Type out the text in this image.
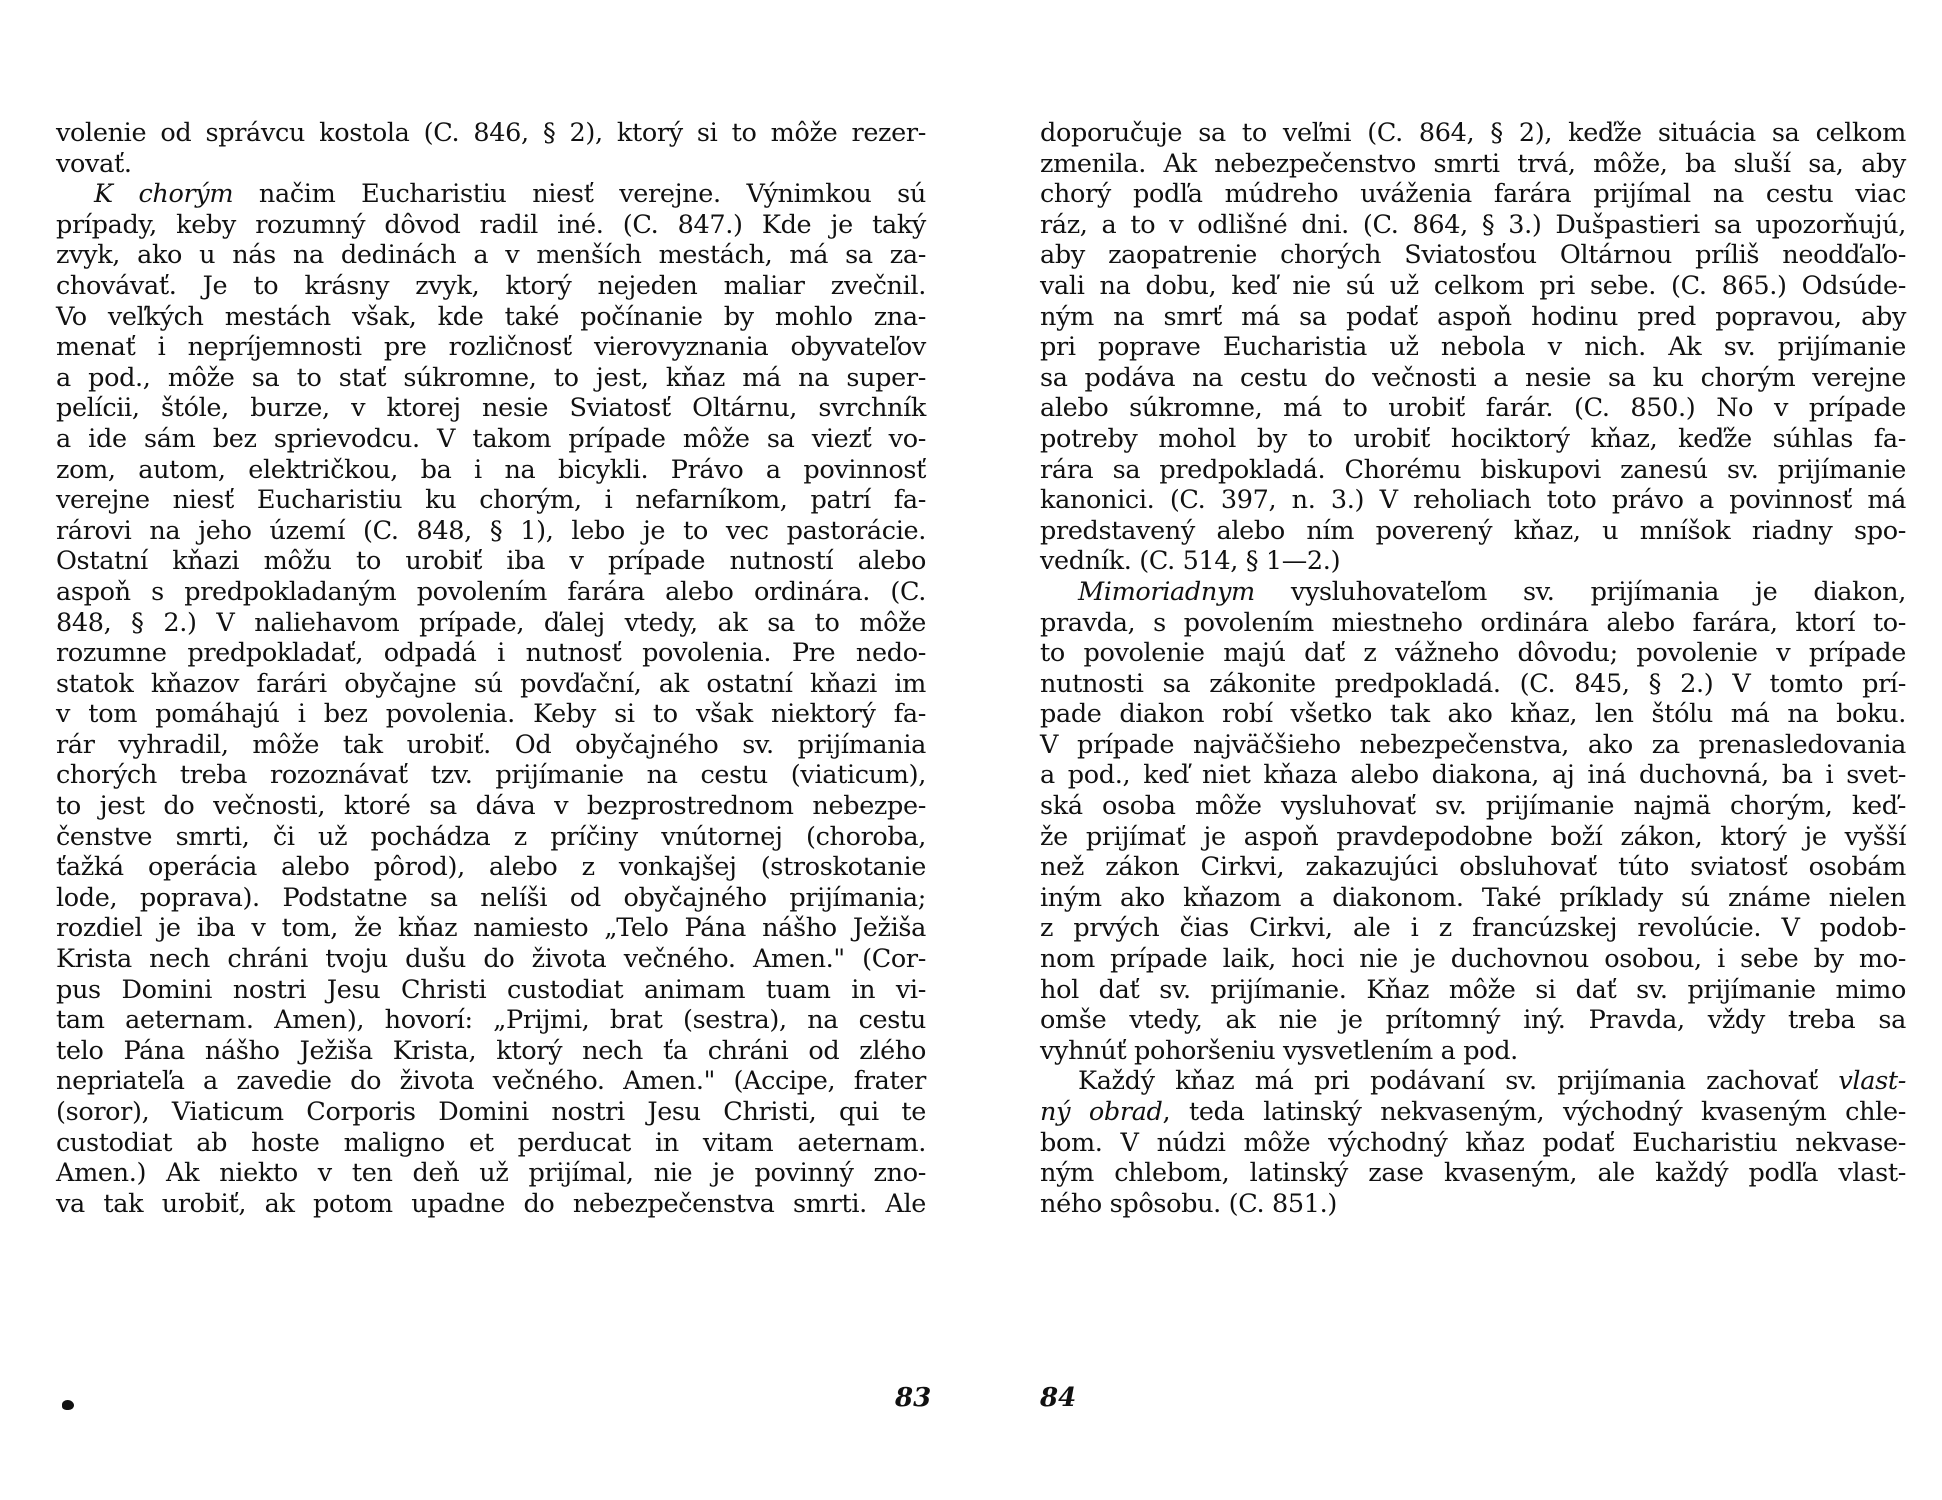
volenie od správcu kostola (C. 846, § 2), ktorý si to môže rezer-
vovať.
K chorým načim Eucharistiu niesť verejne. Výnimkou sú
prípady, keby rozumný dôvod radil iné. (C. 847.) Kde je taký
zvyk, ako u nás na dedinách a v menších mestách, má sa za-
chovávať. Je to krásny zvyk, ktorý nejeden maliar zvečnil.
Vo veľkých mestách však, kde také počínanie by mohlo zna-
menať i nepríjemnosti pre rozličnosť vierovyznania obyvateľov
a pod., môže sa to stať súkromne, to jest, kňaz má na super-
pelícii, štóle, burze, v ktorej nesie Sviatosť Oltárnu, svrchník
a ide sám bez sprievodcu. V takom prípade môže sa viezť vo-
zom, autom, električkou, ba i na bicykli. Právo a povinnosť
verejne niesť Eucharistiu ku chorým, i nefarníkom, patrí fa-
rárovi na jeho území (C. 848, § 1), lebo je to vec pastorácie.
Ostatní kňazi môžu to urobiť iba v prípade nutností alebo
aspoň s predpokladaným povolením farára alebo ordinára. (C.
848, § 2.) V naliehavom prípade, ďalej vtedy, ak sa to môže
rozumne predpokladať, odpadá i nutnosť povolenia. Pre nedo-
statok kňazov farári obyčajne sú povďační, ak ostatní kňazi im
v tom pomáhajú i bez povolenia. Keby si to však niektorý fa-
rár vyhradil, môže tak urobiť. Od obyčajného sv. prijímania
chorých treba rozoznávať tzv. prijímanie na cestu (viaticum),
to jest do večnosti, ktoré sa dáva v bezprostrednom nebezpe-
čenstve smrti, či už pochádza z príčiny vnútornej (choroba,
ťažká operácia alebo pôrod), alebo z vonkajšej (stroskotanie
lode, poprava). Podstatne sa nelíši od obyčajného prijímania;
rozdiel je iba v tom, že kňaz namiesto „Telo Pána nášho Ježiša
Krista nech chráni tvoju dušu do života večného. Amen." (Cor-
pus Domini nostri Jesu Christi custodiat animam tuam in vi-
tam aeternam. Amen), hovorí: „Prijmi, brat (sestra), na cestu
telo Pána nášho Ježiša Krista, ktorý nech ťa chráni od zlého
nepriateľa a zavedie do života večného. Amen." (Accipe, frater
(soror), Viaticum Corporis Domini nostri Jesu Christi, qui te
custodiat ab hoste maligno et perducat in vitam aeternam.
Amen.) Ak niekto v ten deň už prijímal, nie je povinný zno-
va tak urobiť, ak potom upadne do nebezpečenstva smrti. Ale
83
doporučuje sa to veľmi (C. 864, § 2), keďže situácia sa celkom
zmenila. Ak nebezpečenstvo smrti trvá, môže, ba sluší sa, aby
chorý podľa múdreho uváženia farára prijímal na cestu viac
ráz, a to v odlišné dni. (C. 864, § 3.) Dušpastieri sa upozorňujú,
aby zaopatrenie chorých Sviatosťou Oltárnou príliš neodďaľo-
vali na dobu, keď nie sú už celkom pri sebe. (C. 865.) Odsúde-
ným na smrť má sa podať aspoň hodinu pred popravou, aby
pri poprave Eucharistia už nebola v nich. Ak sv. prijímanie
sa podáva na cestu do večnosti a nesie sa ku chorým verejne
alebo súkromne, má to urobiť farár. (C. 850.) No v prípade
potreby mohol by to urobiť hociktorý kňaz, keďže súhlas fa-
rára sa predpokladá. Chorému biskupovi zanesú sv. prijímanie
kanonici. (C. 397, n. 3.) V reholiach toto právo a povinnosť má
predstavený alebo ním poverený kňaz, u mníšok riadny spo-
vedník. (C. 514, § 1—2.)
Mimoriadnym vysluhovateľom sv. prijímania je diakon,
pravda, s povolením miestneho ordinára alebo farára, ktorí to-
to povolenie majú dať z vážneho dôvodu; povolenie v prípade
nutnosti sa zákonite predpokladá. (C. 845, § 2.) V tomto prí-
pade diakon robí všetko tak ako kňaz, len štólu má na boku.
V prípade najväčšieho nebezpečenstva, ako za prenasledovania
a pod., keď niet kňaza alebo diakona, aj iná duchovná, ba i svet-
ská osoba môže vysluhovať sv. prijímanie najmä chorým, keď-
že prijímať je aspoň pravdepodobne boží zákon, ktorý je vyšší
než zákon Cirkvi, zakazujúci obsluhovať túto sviatosť osobám
iným ako kňazom a diakonom. Také príklady sú známe nielen
z prvých čias Cirkvi, ale i z francúzskej revolúcie. V podob-
nom prípade laik, hoci nie je duchovnou osobou, i sebe by mo-
hol dať sv. prijímanie. Kňaz môže si dať sv. prijímanie mimo
omše vtedy, ak nie je prítomný iný. Pravda, vždy treba sa
vyhnúť pohoršeniu vysvetlením a pod.
Každý kňaz má pri podávaní sv. prijímania zachovať vlast-
ný obrad, teda latinský nekvaseným, východný kvaseným chle-
bom. V núdzi môže východný kňaz podať Eucharistiu nekvase-
ným chlebom, latinský zase kvaseným, ale každý podľa vlast-
ného spôsobu. (C. 851.)
84
